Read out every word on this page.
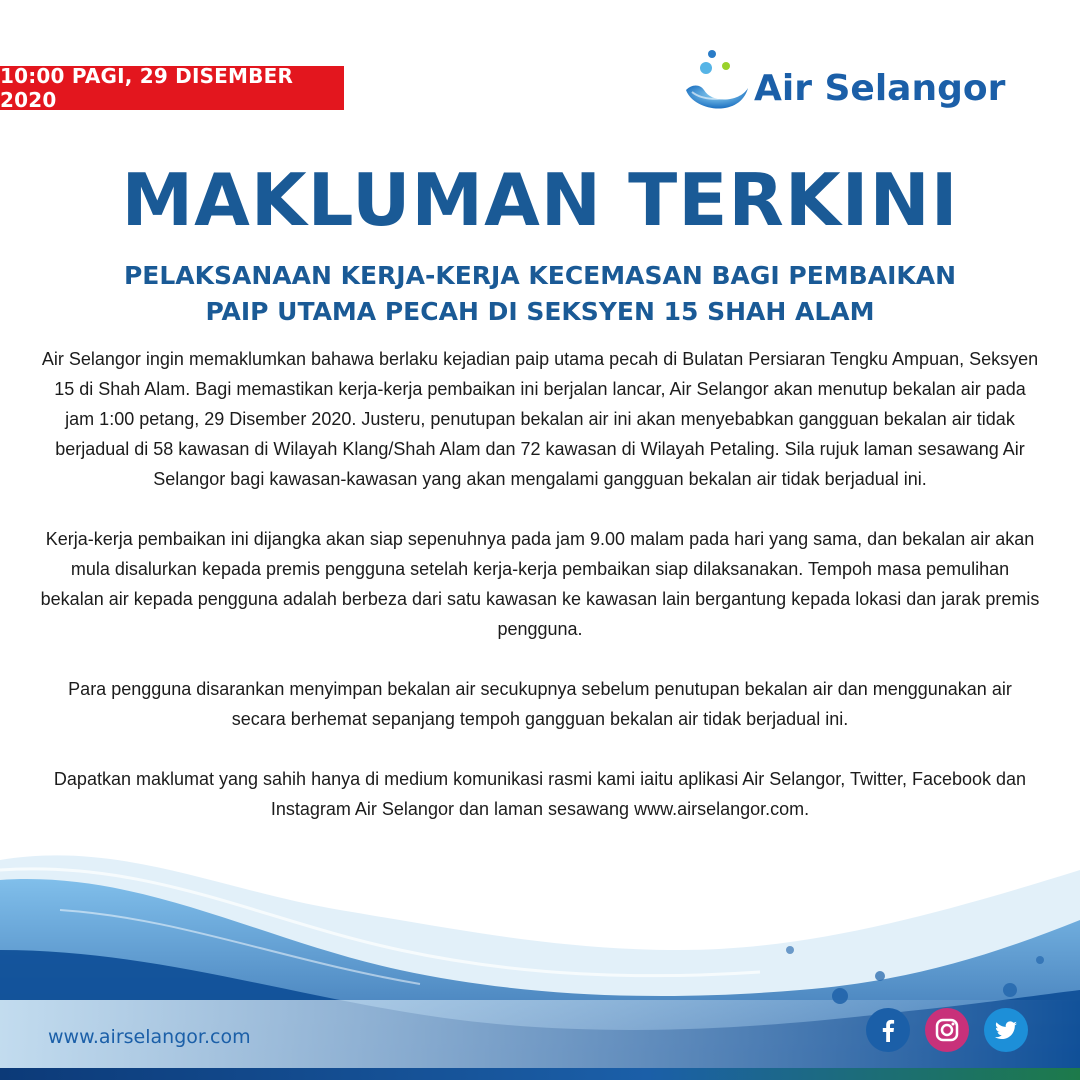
10:00 PAGI, 29 DISEMBER 2020	Air Selangor
MAKLUMAN TERKINI
PELAKSANAAN KERJA-KERJA KECEMASAN BAGI PEMBAIKAN
PAIP UTAMA PECAH DI SEKSYEN 15 SHAH ALAM

Air Selangor ingin memaklumkan bahawa berlaku kejadian paip utama pecah di Bulatan Persiaran Tengku Ampuan, Seksyen 15 di Shah Alam. Bagi memastikan kerja-kerja pembaikan ini berjalan lancar, Air Selangor akan menutup bekalan air pada jam 1:00 petang, 29 Disember 2020. Justeru, penutupan bekalan air ini akan menyebabkan gangguan bekalan air tidak berjadual di 58 kawasan di Wilayah Klang/Shah Alam dan 72 kawasan di Wilayah Petaling. Sila rujuk laman sesawang Air Selangor bagi kawasan-kawasan yang akan mengalami gangguan bekalan air tidak berjadual ini.

Kerja-kerja pembaikan ini dijangka akan siap sepenuhnya pada jam 9.00 malam pada hari yang sama, dan bekalan air akan mula disalurkan kepada premis pengguna setelah kerja-kerja pembaikan siap dilaksanakan. Tempoh masa pemulihan bekalan air kepada pengguna adalah berbeza dari satu kawasan ke kawasan lain bergantung kepada lokasi dan jarak premis pengguna.

Para pengguna disarankan menyimpan bekalan air secukupnya sebelum penutupan bekalan air dan menggunakan air secara berhemat sepanjang tempoh gangguan bekalan air tidak berjadual ini.

Dapatkan maklumat yang sahih hanya di medium komunikasi rasmi kami iaitu aplikasi Air Selangor, Twitter, Facebook dan Instagram Air Selangor dan laman sesawang www.airselangor.com.

www.airselangor.com
